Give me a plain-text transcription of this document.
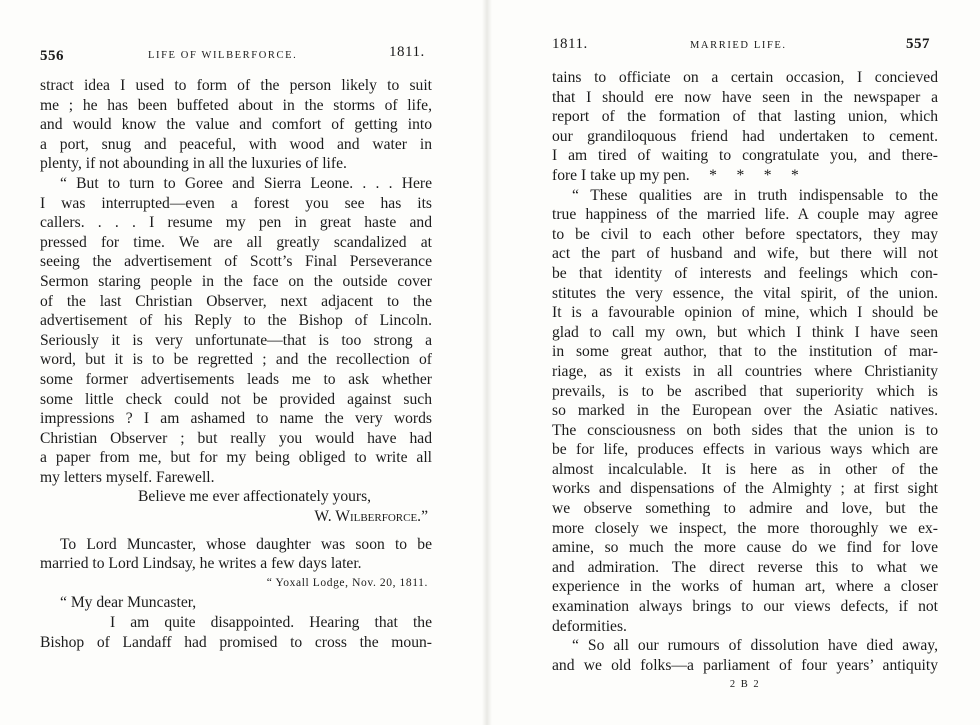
556	LIFE OF WILBERFORCE.	1811.
stract idea I used to form of the person likely to suit
me ; he has been buffeted about in the storms of life,
and would know the value and comfort of getting into
a port, snug and peaceful, with wood and water in
plenty, if not abounding in all the luxuries of life.
“ But to turn to Goree and Sierra Leone. . . . Here
I was interrupted—even a forest you see has its
callers. . . . I resume my pen in great haste and
pressed for time. We are all greatly scandalized at
seeing the advertisement of Scott’s Final Perseverance
Sermon staring people in the face on the outside cover
of the last Christian Observer, next adjacent to the
advertisement of his Reply to the Bishop of Lincoln.
Seriously it is very unfortunate—that is too strong a
word, but it is to be regretted ; and the recollection of
some former advertisements leads me to ask whether
some little check could not be provided against such
impressions ? I am ashamed to name the very words
Christian Observer ; but really you would have had
a paper from me, but for my being obliged to write all
my letters myself. Farewell.
Believe me ever affectionately yours,
W. Wilberforce.”
To Lord Muncaster, whose daughter was soon to be
married to Lord Lindsay, he writes a few days later.
“ Yoxall Lodge, Nov. 20, 1811.
“ My dear Muncaster,
I am quite disappointed. Hearing that the
Bishop of Landaff had promised to cross the moun-
1811.	MARRIED LIFE.	557
tains to officiate on a certain occasion, I concieved
that I should ere now have seen in the newspaper a
report of the formation of that lasting union, which
our grandiloquous friend had undertaken to cement.
I am tired of waiting to congratulate you, and there-
fore I take up my pen.     *     *     *     *
“ These qualities are in truth indispensable to the
true happiness of the married life. A couple may agree
to be civil to each other before spectators, they may
act the part of husband and wife, but there will not
be that identity of interests and feelings which con-
stitutes the very essence, the vital spirit, of the union.
It is a favourable opinion of mine, which I should be
glad to call my own, but which I think I have seen
in some great author, that to the institution of mar-
riage, as it exists in all countries where Christianity
prevails, is to be ascribed that superiority which is
so marked in the European over the Asiatic natives.
The consciousness on both sides that the union is to
be for life, produces effects in various ways which are
almost incalculable. It is here as in other of the
works and dispensations of the Almighty ; at first sight
we observe something to admire and love, but the
more closely we inspect, the more thoroughly we ex-
amine, so much the more cause do we find for love
and admiration. The direct reverse this to what we
experience in the works of human art, where a closer
examination always brings to our views defects, if not
deformities.
“ So all our rumours of dissolution have died away,
and we old folks—a parliament of four years’ antiquity
2 B 2
